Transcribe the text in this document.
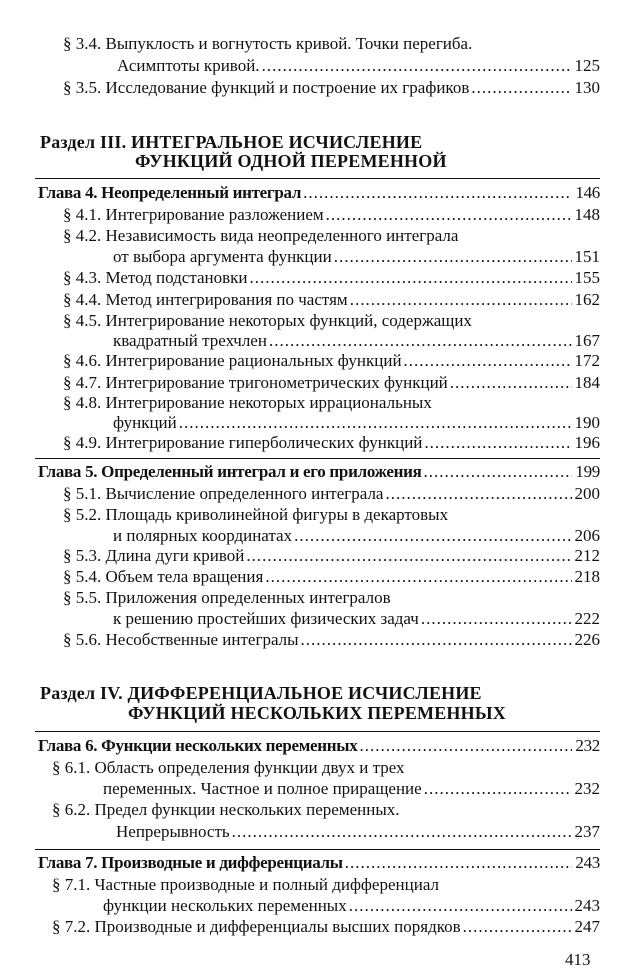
§ 3.4. Выпуклость и вогнутость кривой. Точки перегиба.
Асимптоты кривой. .....	125
§ 3.5. Исследование функций и построение их графиков .....	130
Раздел III. ИНТЕГРАЛЬНОЕ ИСЧИСЛЕНИЕ
ФУНКЦИЙ ОДНОЙ ПЕРЕМЕННОЙ
Глава 4. Неопределенный интеграл .....	146
§ 4.1. Интегрирование разложением .....	148
§ 4.2. Независимость вида неопределенного интеграла
от выбора аргумента функции .....	151
§ 4.3. Метод подстановки .....	155
§ 4.4. Метод интегрирования по частям .....	162
§ 4.5. Интегрирование некоторых функций, содержащих
квадратный трехчлен .....	167
§ 4.6. Интегрирование рациональных функций .....	172
§ 4.7. Интегрирование тригонометрических функций .....	184
§ 4.8. Интегрирование некоторых иррациональных
функций .....	190
§ 4.9. Интегрирование гиперболических функций .....	196
Глава 5. Определенный интеграл и его приложения .....	199
§ 5.1. Вычисление определенного интеграла .....	200
§ 5.2. Площадь криволинейной фигуры в декартовых
и полярных координатах .....	206
§ 5.3. Длина дуги кривой .....	212
§ 5.4. Объем тела вращения .....	218
§ 5.5. Приложения определенных интегралов
к решению простейших физических задач .....	222
§ 5.6. Несобственные интегралы .....	226
Раздел IV. ДИФФЕРЕНЦИАЛЬНОЕ ИСЧИСЛЕНИЕ
ФУНКЦИЙ НЕСКОЛЬКИХ ПЕРЕМЕННЫХ
Глава 6. Функции нескольких переменных .....	232
§ 6.1. Область определения функции двух и трех
переменных. Частное и полное приращение .....	232
§ 6.2. Предел функции нескольких переменных.
Непрерывность .....	237
Глава 7. Производные и дифференциалы .....	243
§ 7.1. Частные производные и полный дифференциал
функции нескольких переменных .....	243
§ 7.2. Производные и дифференциалы высших порядков .....	247
413
